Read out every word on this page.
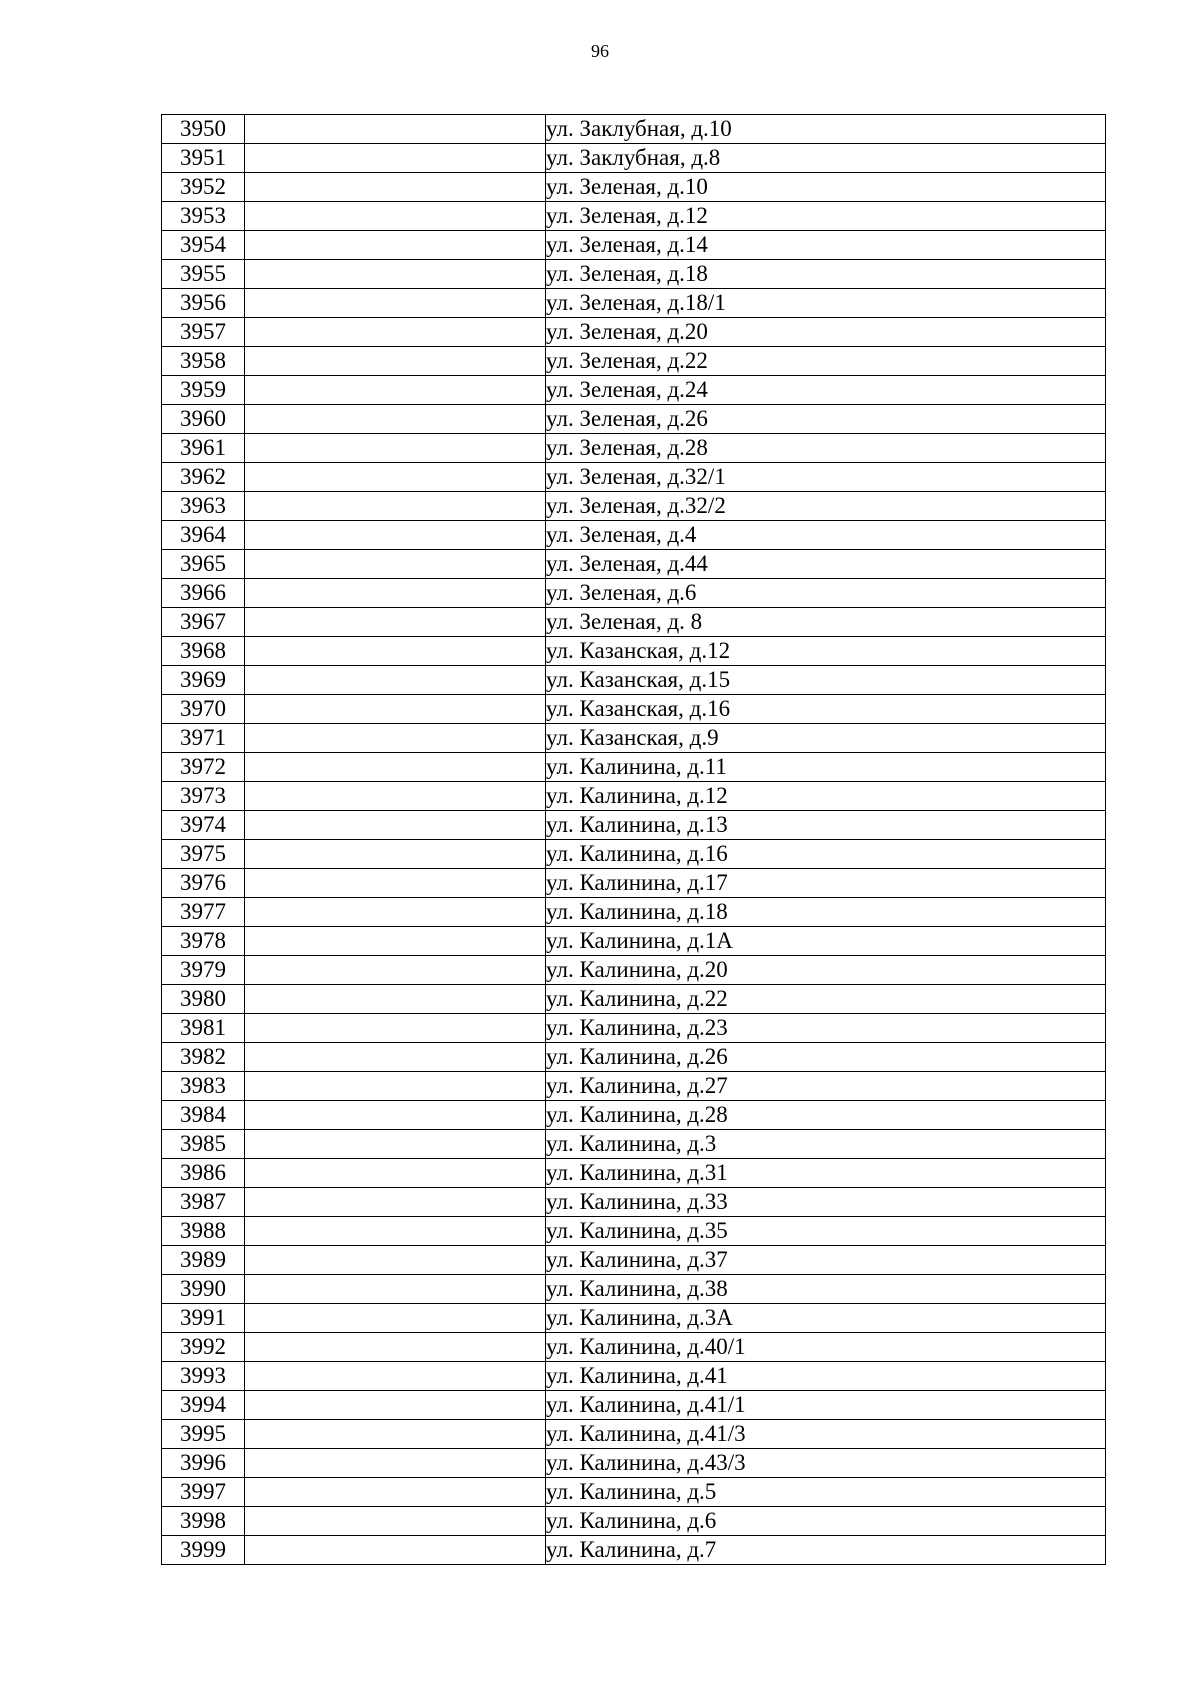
96
3950		ул. Заклубная, д.10
3951		ул. Заклубная, д.8
3952		ул. Зеленая, д.10
3953		ул. Зеленая, д.12
3954		ул. Зеленая, д.14
3955		ул. Зеленая, д.18
3956		ул. Зеленая, д.18/1
3957		ул. Зеленая, д.20
3958		ул. Зеленая, д.22
3959		ул. Зеленая, д.24
3960		ул. Зеленая, д.26
3961		ул. Зеленая, д.28
3962		ул. Зеленая, д.32/1
3963		ул. Зеленая, д.32/2
3964		ул. Зеленая, д.4
3965		ул. Зеленая, д.44
3966		ул. Зеленая, д.6
3967		ул. Зеленая, д. 8
3968		ул. Казанская, д.12
3969		ул. Казанская, д.15
3970		ул. Казанская, д.16
3971		ул. Казанская, д.9
3972		ул. Калинина, д.11
3973		ул. Калинина, д.12
3974		ул. Калинина, д.13
3975		ул. Калинина, д.16
3976		ул. Калинина, д.17
3977		ул. Калинина, д.18
3978		ул. Калинина, д.1А
3979		ул. Калинина, д.20
3980		ул. Калинина, д.22
3981		ул. Калинина, д.23
3982		ул. Калинина, д.26
3983		ул. Калинина, д.27
3984		ул. Калинина, д.28
3985		ул. Калинина, д.3
3986		ул. Калинина, д.31
3987		ул. Калинина, д.33
3988		ул. Калинина, д.35
3989		ул. Калинина, д.37
3990		ул. Калинина, д.38
3991		ул. Калинина, д.3А
3992		ул. Калинина, д.40/1
3993		ул. Калинина, д.41
3994		ул. Калинина, д.41/1
3995		ул. Калинина, д.41/3
3996		ул. Калинина, д.43/3
3997		ул. Калинина, д.5
3998		ул. Калинина, д.6
3999		ул. Калинина, д.7
